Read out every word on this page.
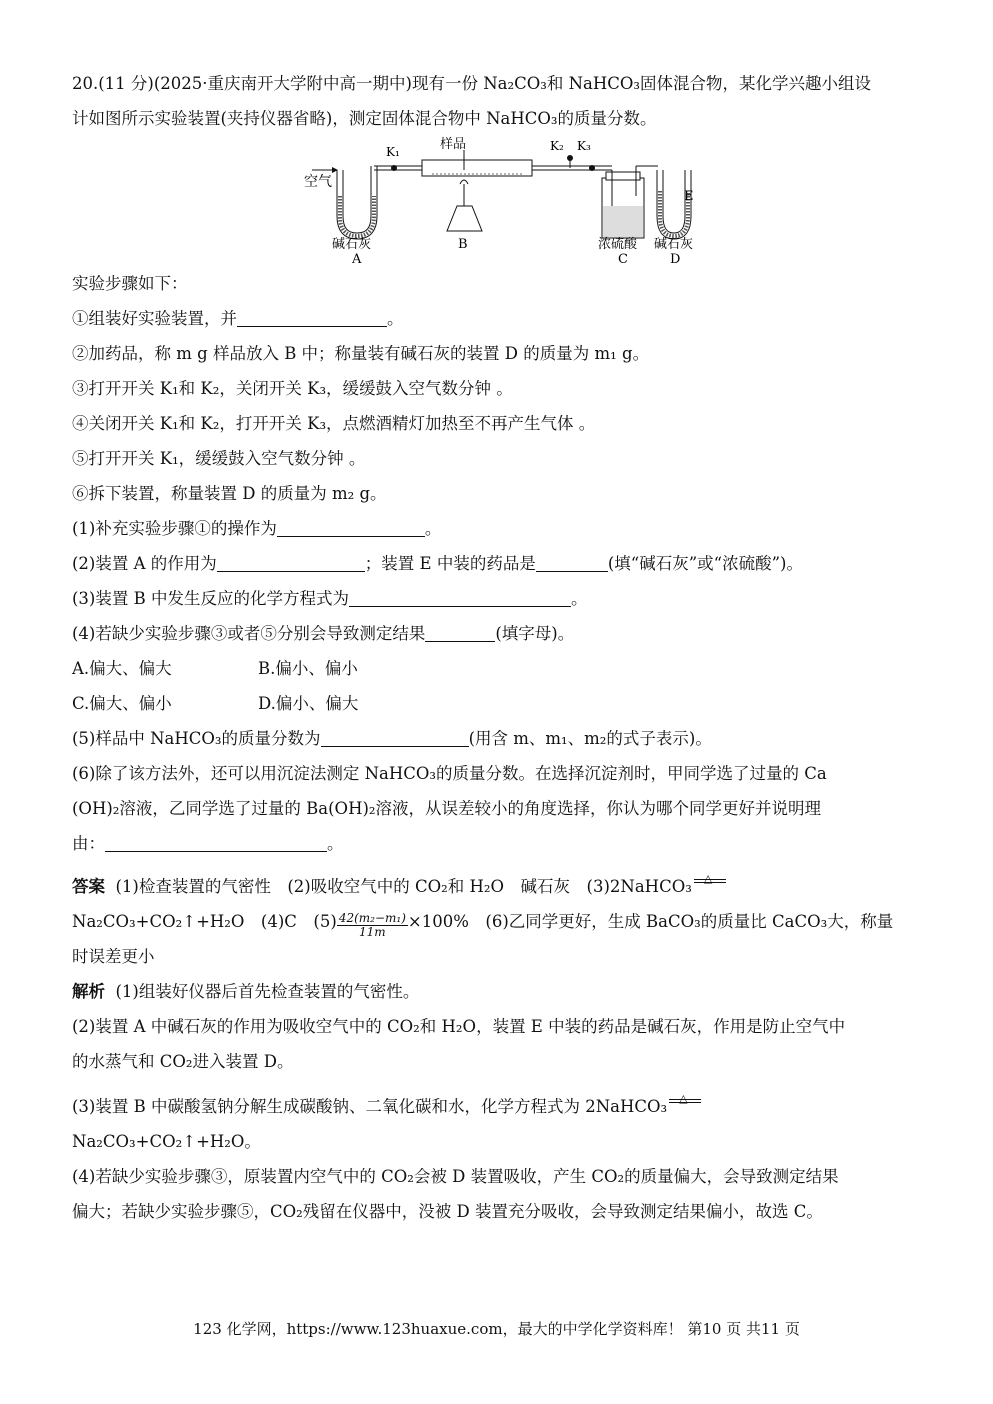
20.(11 分)(2025·重庆南开大学附中高一期中)现有一份 Na₂CO₃和 NaHCO₃固体混合物，某化学兴趣小组设
计如图所示实验装置(夹持仪器省略)，测定固体混合物中 NaHCO₃的质量分数。
空气
K₁	样品
B
K₂ K₃
E
碱石灰
A
浓硫酸
C
碱石灰
D
实验步骤如下：
①组装好实验装置，并	。
②加药品，称 m g 样品放入 B 中；称量装有碱石灰的装置 D 的质量为 m₁ g。
③打开开关 K₁和 K₂，关闭开关 K₃，缓缓鼓入空气数分钟 。
④关闭开关 K₁和 K₂，打开开关 K₃，点燃酒精灯加热至不再产生气体 。
⑤打开开关 K₁，缓缓鼓入空气数分钟 。
⑥拆下装置，称量装置 D 的质量为 m₂ g。
(1)补充实验步骤①的操作为	。
(2)装置 A 的作用为	；装置 E 中装的药品是	(填“碱石灰”或“浓硫酸”)。
(3)装置 B 中发生反应的化学方程式为	。
(4)若缺少实验步骤③或者⑤分别会导致测定结果	(填字母)。
A.偏大、偏大	B.偏小、偏小
C.偏大、偏小	D.偏小、偏大
(5)样品中 NaHCO₃的质量分数为	(用含 m、m₁、m₂的式子表示)。
(6)除了该方法外，还可以用沉淀法测定 NaHCO₃的质量分数。在选择沉淀剂时，甲同学选了过量的 Ca
(OH)₂溶液，乙同学选了过量的 Ba(OH)₂溶液，从误差较小的角度选择，你认为哪个同学更好并说明理
由：	。
答案 (1)检查装置的气密性　(2)吸收空气中的 CO₂和 H₂O　碱石灰　(3)2NaHCO₃ △
Na₂CO₃+CO₂↑+H₂O　(4)C　$(5) \frac{\text{42(m₂−m₁)}}{11m} \times 100\%$　(6)乙同学更好，生成 BaCO₃的质量比 CaCO₃大，称量
时误差更小
解析 (1)组装好仪器后首先检查装置的气密性。
(2)装置 A 中碱石灰的作用为吸收空气中的 CO₂和 H₂O，装置 E 中装的药品是碱石灰，作用是防止空气中
的水蒸气和 CO₂进入装置 D。
(3)装置 B 中碳酸氢钠分解生成碳酸钠、二氧化碳和水，化学方程式为 2NaHCO₃ △
Na₂CO₃+CO₂↑+H₂O。
(4)若缺少实验步骤③，原装置内空气中的 CO₂会被 D 装置吸收，产生 CO₂的质量偏大，会导致测定结果
偏大；若缺少实验步骤⑤，CO₂残留在仪器中，没被 D 装置充分吸收，会导致测定结果偏小，故选 C。
123 化学网，https://www.123huaxue.com，最大的中学化学资料库！ 第10 页 共11 页
